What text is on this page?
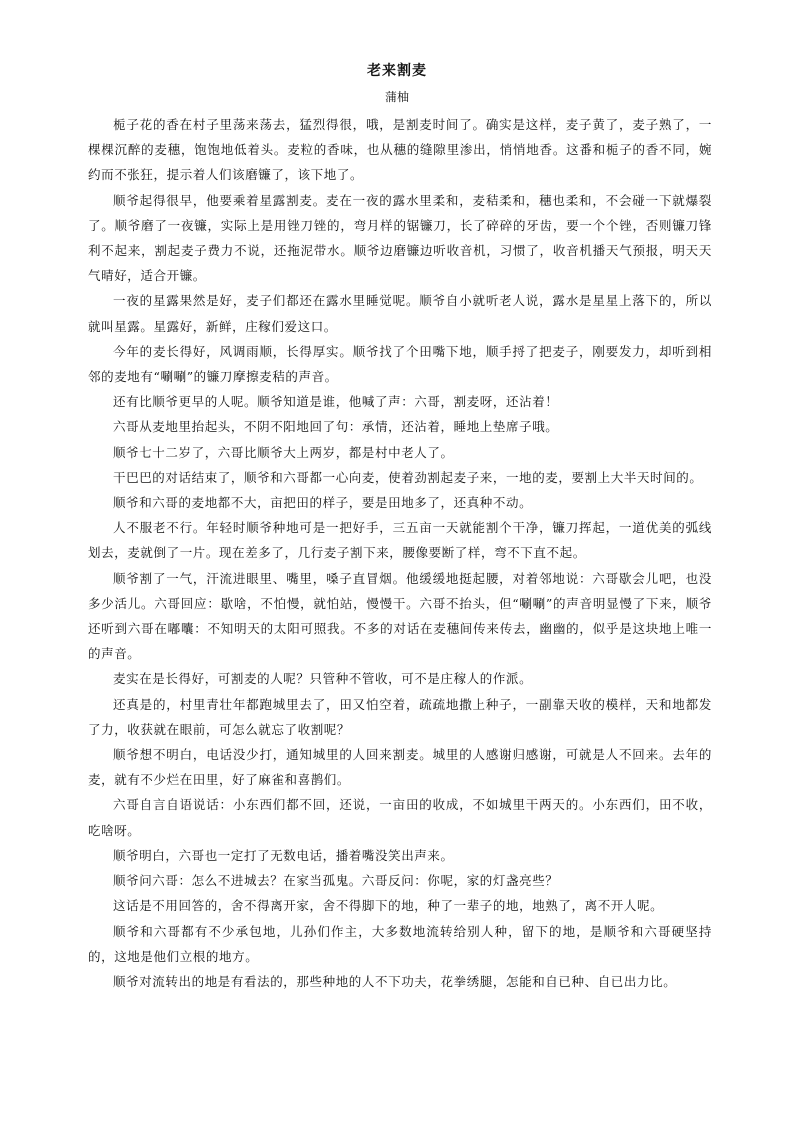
老来割麦
蒲柚

栀子花的香在村子里荡来荡去，猛烈得很，哦，是割麦时间了。确实是这样，麦子黄了，麦子熟了，一棵棵沉醉的麦穗，饱饱地低着头。麦粒的香味，也从穗的缝隙里渗出，悄悄地香。这番和栀子的香不同，婉约而不张狂，提示着人们该磨镰了，该下地了。

顺爷起得很早，他要乘着星露割麦。麦在一夜的露水里柔和，麦秸柔和，穗也柔和，不会碰一下就爆裂了。顺爷磨了一夜镰，实际上是用锉刀锉的，弯月样的锯镰刀，长了碎碎的牙齿，要一个个锉，否则镰刀锋利不起来，割起麦子费力不说，还拖泥带水。顺爷边磨镰边听收音机，习惯了，收音机播天气预报，明天天气晴好，适合开镰。

一夜的星露果然是好，麦子们都还在露水里睡觉呢。顺爷自小就听老人说，露水是星星上落下的，所以就叫星露。星露好，新鲜，庄稼们爱这口。

今年的麦长得好，风调雨顺，长得厚实。顺爷找了个田嘴下地，顺手捋了把麦子，刚要发力，却听到相邻的麦地有“唰唰”的镰刀摩擦麦秸的声音。

还有比顺爷更早的人呢。顺爷知道是谁，他喊了声：六哥，割麦呀，还沾着！

六哥从麦地里抬起头，不阴不阳地回了句：承情，还沾着，睡地上垫席子哦。

顺爷七十二岁了，六哥比顺爷大上两岁，都是村中老人了。

干巴巴的对话结束了，顺爷和六哥都一心向麦，使着劲割起麦子来，一地的麦，要割上大半天时间的。

顺爷和六哥的麦地都不大，亩把田的样子，要是田地多了，还真种不动。

人不服老不行。年轻时顺爷种地可是一把好手，三五亩一天就能割个干净，镰刀挥起，一道优美的弧线划去，麦就倒了一片。现在差多了，几行麦子割下来，腰像要断了样，弯不下直不起。

顺爷割了一气，汗流进眼里、嘴里，嗓子直冒烟。他缓缓地挺起腰，对着邻地说：六哥歇会儿吧，也没多少活儿。六哥回应：歇啥，不怕慢，就怕站，慢慢干。六哥不抬头，但“唰唰”的声音明显慢了下来，顺爷还听到六哥在嘟囔：不知明天的太阳可照我。不多的对话在麦穗间传来传去，幽幽的，似乎是这块地上唯一的声音。

麦实在是长得好，可割麦的人呢？只管种不管收，可不是庄稼人的作派。

还真是的，村里青壮年都跑城里去了，田又怕空着，疏疏地撒上种子，一副靠天收的模样，天和地都发了力，收获就在眼前，可怎么就忘了收割呢？

顺爷想不明白，电话没少打，通知城里的人回来割麦。城里的人感谢归感谢，可就是人不回来。去年的麦，就有不少烂在田里，好了麻雀和喜鹊们。

六哥自言自语说话：小东西们都不回，还说，一亩田的收成，不如城里干两天的。小东西们，田不收，吃啥呀。

顺爷明白，六哥也一定打了无数电话，播着嘴没笑出声来。

顺爷问六哥：怎么不进城去？在家当孤鬼。六哥反问：你呢，家的灯盏亮些？

这话是不用回答的，舍不得离开家，舍不得脚下的地，种了一辈子的地，地熟了，离不开人呢。

顺爷和六哥都有不少承包地，儿孙们作主，大多数地流转给别人种，留下的地，是顺爷和六哥硬坚持的，这地是他们立根的地方。

顺爷对流转出的地是有看法的，那些种地的人不下功夫，花拳绣腿，怎能和自已种、自已出力比。
